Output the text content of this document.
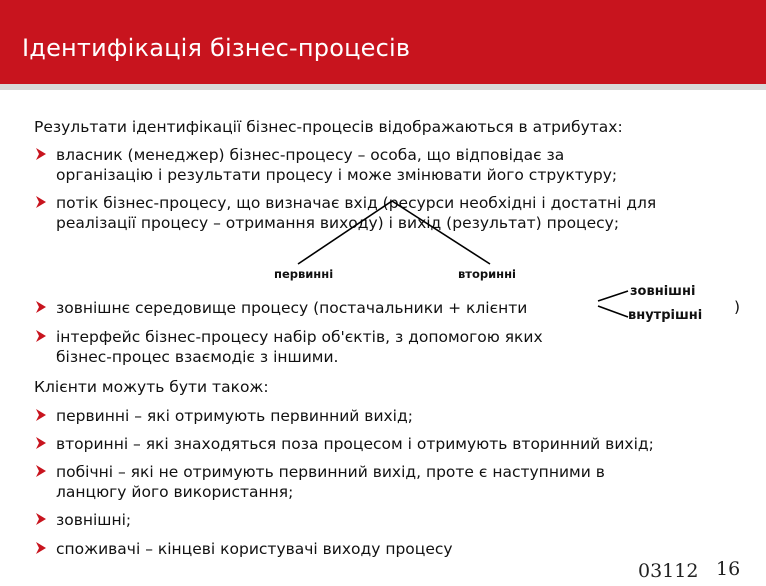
Ідентифікація бізнес-процесів
Результати ідентифікації бізнес-процесів відображаються в атрибутах:
власник (менеджер) бізнес-процесу – особа, що відповідає за
організацію і результати процесу і може змінювати його структуру;
потік бізнес-процесу, що визначає вхід (ресурси необхідні і достатні для
реалізації процесу – отримання виходу) і вихід (результат) процесу;
первинні	вторинні
зовнішнє середовище процесу (постачальники + клієнти
зовнішні
внутрішні )
інтерфейс бізнес-процесу набір об'єктів, з допомогою яких
бізнес-процес взаємодіє з іншими.
Клієнти можуть бути також:
первинні – які отримують первинний вихід;
вторинні – які знаходяться поза процесом і отримують вторинний вихід;
побічні – які не отримують первинний вихід, проте є наступними в
ланцюгу його використання;
зовнішні;
споживачі – кінцеві користувачі виходу процесу
03112 16
